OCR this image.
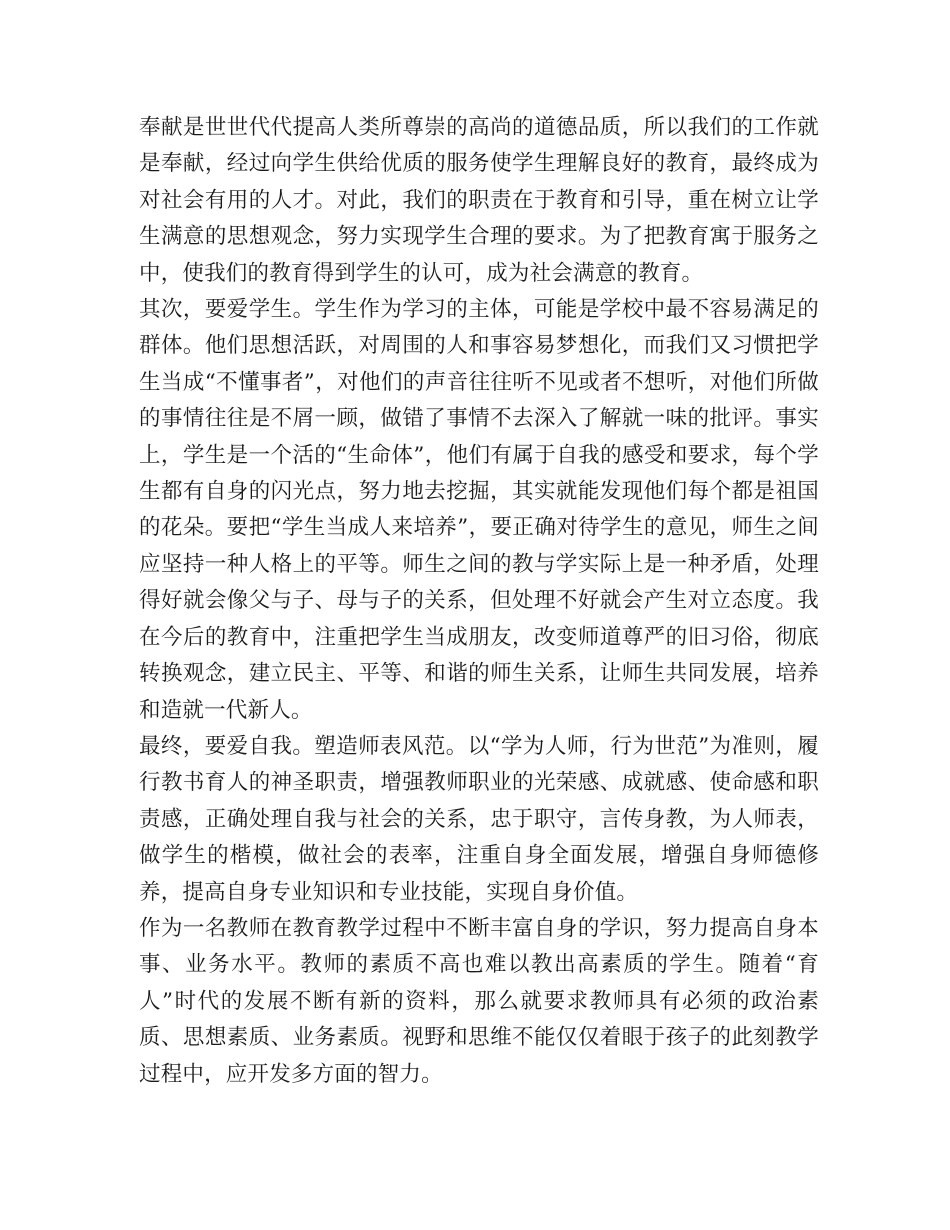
奉献是世世代代提高人类所尊崇的高尚的道德品质，所以我们的工作就是奉献，经过向学生供给优质的服务使学生理解良好的教育，最终成为对社会有用的人才。对此，我们的职责在于教育和引导，重在树立让学生满意的思想观念，努力实现学生合理的要求。为了把教育寓于服务之中，使我们的教育得到学生的认可，成为社会满意的教育。

其次，要爱学生。学生作为学习的主体，可能是学校中最不容易满足的群体。他们思想活跃，对周围的人和事容易梦想化，而我们又习惯把学生当成“不懂事者”，对他们的声音往往听不见或者不想听，对他们所做的事情往往是不屑一顾，做错了事情不去深入了解就一味的批评。事实上，学生是一个活的“生命体”，他们有属于自我的感受和要求，每个学生都有自身的闪光点，努力地去挖掘，其实就能发现他们每个都是祖国的花朵。要把“学生当成人来培养”，要正确对待学生的意见，师生之间应坚持一种人格上的平等。师生之间的教与学实际上是一种矛盾，处理得好就会像父与子、母与子的关系，但处理不好就会产生对立态度。我在今后的教育中，注重把学生当成朋友，改变师道尊严的旧习俗，彻底转换观念，建立民主、平等、和谐的师生关系，让师生共同发展，培养和造就一代新人。

最终，要爱自我。塑造师表风范。以“学为人师，行为世范”为准则，履行教书育人的神圣职责，增强教师职业的光荣感、成就感、使命感和职责感，正确处理自我与社会的关系，忠于职守，言传身教，为人师表，做学生的楷模，做社会的表率，注重自身全面发展，增强自身师德修养，提高自身专业知识和专业技能，实现自身价值。

作为一名教师在教育教学过程中不断丰富自身的学识，努力提高自身本事、业务水平。教师的素质不高也难以教出高素质的学生。随着“育人”时代的发展不断有新的资料，那么就要求教师具有必须的政治素质、思想素质、业务素质。视野和思维不能仅仅着眼于孩子的此刻教学过程中，应开发多方面的智力。
